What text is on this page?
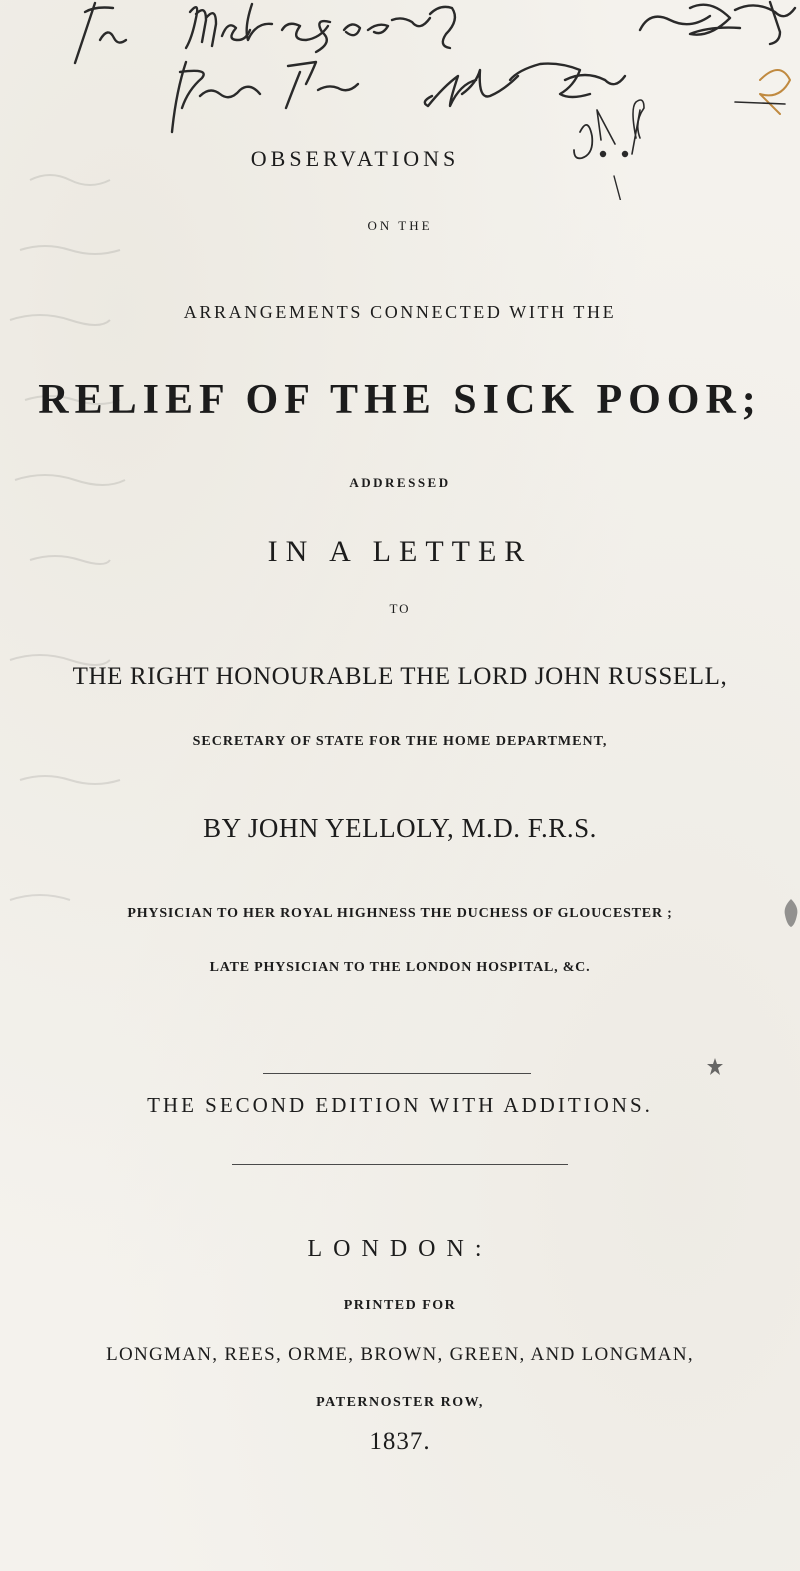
OBSERVATIONS
ON THE
ARRANGEMENTS CONNECTED WITH THE
RELIEF OF THE SICK POOR;
ADDRESSED
IN A LETTER
TO
THE RIGHT HONOURABLE THE LORD JOHN RUSSELL,
SECRETARY OF STATE FOR THE HOME DEPARTMENT,
BY JOHN YELLOLY, M.D. F.R.S.
PHYSICIAN TO HER ROYAL HIGHNESS THE DUCHESS OF GLOUCESTER ;
LATE PHYSICIAN TO THE LONDON HOSPITAL, &C.
THE SECOND EDITION WITH ADDITIONS.
LONDON:
PRINTED FOR
LONGMAN, REES, ORME, BROWN, GREEN, AND LONGMAN,
PATERNOSTER ROW,
1837.
